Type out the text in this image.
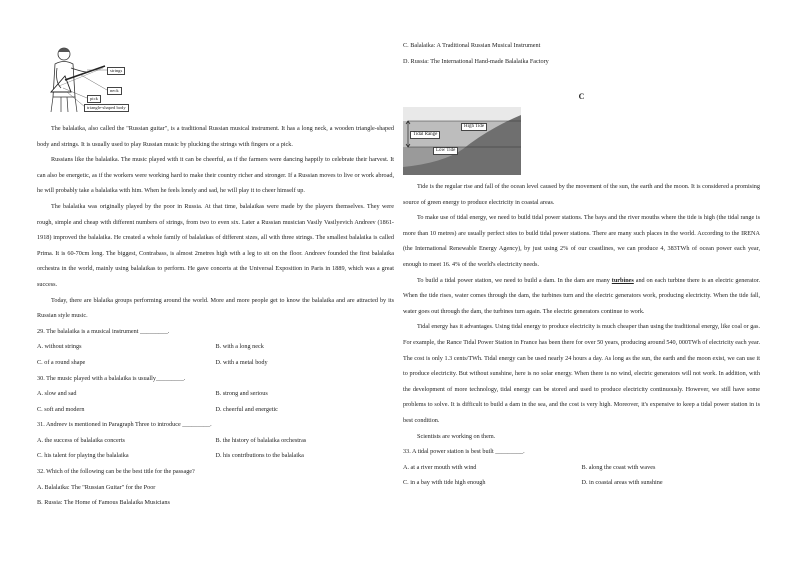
strings
neck
pick
triangle-shaped body

The balalaika, also called the "Russian guitar", is a traditional Russian musical instrument. It has a long neck, a wooden triangle-shaped body and strings. It is usually used to play Russian music by plucking the strings with fingers or a pick.

Russians like the balalaika. The music played with it can be cheerful, as if the farmers were dancing happily to celebrate their harvest. It can also be energetic, as if the workers were working hard to make their country richer and stronger. If a Russian moves to live or work abroad, he will probably take a balalaika with him. When he feels lonely and sad, he will play it to cheer himself up.

The balalaika was originally played by the poor in Russia. At that time, balalaikas were made by the players themselves. They were rough, simple and cheap with different numbers of strings, from two to even six. Later a Russian musician Vasily Vasilyevich Andreev (1861-1918) improved the balalaika. He created a whole family of balalaikas of different sizes, all with three strings. The smallest balalaika is called Prima. It is 60-70cm long. The biggest, Contrabass, is almost 2metres high with a leg to sit on the floor. Andreev founded the first balalaika orchestra in the world, mainly using balalaikas to perform. He gave concerts at the Universal Exposition in Paris in 1889, which was a great success.

Today, there are blalaika groups performing around the world. More and more people get to know the balalaika and are attracted by its Russian style music.

29. The balalaika is a musical instrument _________.

A. without strings	B. with a long neck
C. of a round shape	D. with a metal body

30. The music played with a balalaika is usually_________.

A. slow and sad	B. strong and serious
C. soft and modern	D. cheerful and energetic

31. Andreev is mentioned in Paragraph Three to introduce _________.

A. the success of balalaika concerts	B. the history of balalaika orchestras
C. his talent for playing the balalaika	D. his contributions to the balalaika

32. Which of the following can be the best title for the passage?

A. Balalaika: The "Russian Guitar" for the Poor

B. Russia: The Home of Famous Balalaika Musicians

C. Balalaika: A Traditional Russian Musical Instrument

D. Russia: The International Hand-made Balalaika Factory

C
Tidal Range
High Tide
Low Tide

Tide is the regular rise and fall of the ocean level caused by the movement of the sun, the earth and the moon. It is considered a promising source of green energy to produce electricity in coastal areas.

To make use of tidal energy, we need to build tidal power stations. The bays and the river mouths where the tide is high (the tidal range is more than 10 metres) are usually perfect sites to build tidal power stations. There are many such places in the world. According to the IRENA (the International Renewable Energy Agency), by just using 2% of our coastlines, we can produce 4, 383TWh of ocean power each year, enough to meet 16. 4% of the world's electricity needs.

To build a tidal power station, we need to build a dam. In the dam are many turbines and on each turbine there is an electric generator. When the tide rises, water comes through the dam, the turbines turn and the electric generators work, producing electricity. When the tide fall, water goes out through the dam, the turbines turn again. The electric generators continue to work.

Tidal energy has it advantages. Using tidal energy to produce electricity is much cheaper than using the traditional energy, like coal or gas. For example, the Rance Tidal Power Station in France has been there for over 50 years, producing around 540, 000TWh of electricity each year. The cost is only 1.3 cents/TWh. Tidal energy can be used nearly 24 hours a day. As long as the sun, the earth and the moon exist, we can use it to produce electricity. But without sunshine, here is no solar energy. When there is no wind, electric generators will not work. In addition, with the development of more technology, tidal energy can be stored and used to produce electricity continuously. However, we still have some problems to solve. It is difficult to build a dam in the sea, and the cost is very high. Moreover, it's expensive to keep a tidal power station in is best condition.

Scientists are working on them.

33. A tidal power station is best built _________.

A. at a river mouth with wind	B. along the coast with waves
C. in a bay with tide high enough	D. in coastal areas with sunshine
